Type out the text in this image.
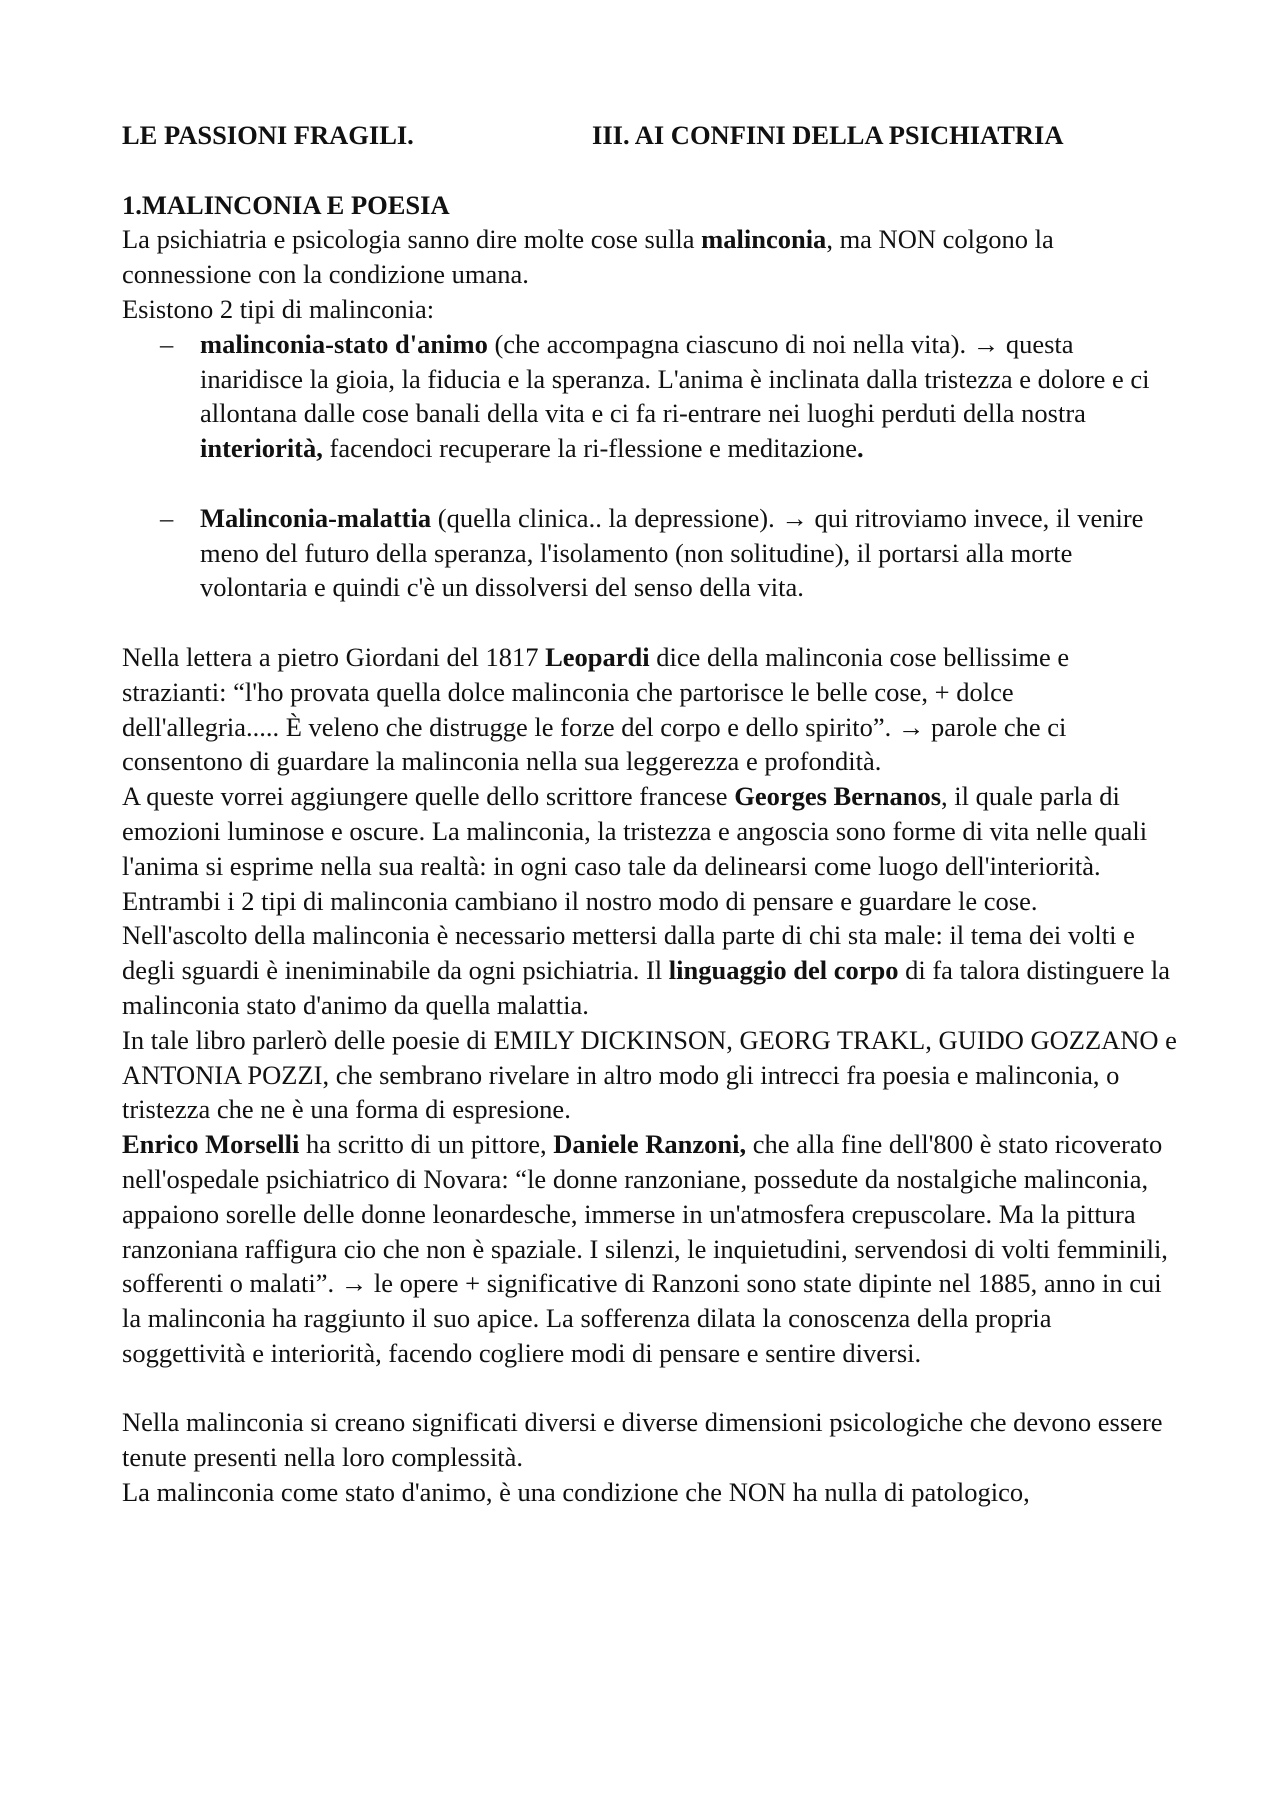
LE PASSIONI FRAGILI.	III. AI CONFINI DELLA PSICHIATRIA
1.MALINCONIA E POESIA

La psichiatria e psicologia sanno dire molte cose sulla malinconia, ma NON colgono la connessione con la condizione umana.

Esistono 2 tipi di malinconia:

– malinconia-stato d'animo (che accompagna ciascuno di noi nella vita). → questa inaridisce la gioia, la fiducia e la speranza. L'anima è inclinata dalla tristezza e dolore e ci allontana dalle cose banali della vita e ci fa ri-entrare nei luoghi perduti della nostra interiorità, facendoci recuperare la ri-flessione e meditazione.
– Malinconia-malattia (quella clinica.. la depressione). → qui ritroviamo invece, il venire meno del futuro della speranza, l'isolamento (non solitudine), il portarsi alla morte volontaria e quindi c'è un dissolversi del senso della vita.

Nella lettera a pietro Giordani del 1817 Leopardi dice della malinconia cose bellissime e strazianti: “l'ho provata quella dolce malinconia che partorisce le belle cose, + dolce dell'allegria..... È veleno che distrugge le forze del corpo e dello spirito”. → parole che ci consentono di guardare la malinconia nella sua leggerezza e profondità.

A queste vorrei aggiungere quelle dello scrittore francese Georges Bernanos, il quale parla di emozioni luminose e oscure. La malinconia, la tristezza e angoscia sono forme di vita nelle quali l'anima si esprime nella sua realtà: in ogni caso tale da delinearsi come luogo dell'interiorità.

Entrambi i 2 tipi di malinconia cambiano il nostro modo di pensare e guardare le cose.

Nell'ascolto della malinconia è necessario mettersi dalla parte di chi sta male: il tema dei volti e degli sguardi è ineniminabile da ogni psichiatria. Il linguaggio del corpo di fa talora distinguere la malinconia stato d'animo da quella malattia.

In tale libro parlerò delle poesie di EMILY DICKINSON, GEORG TRAKL, GUIDO GOZZANO e ANTONIA POZZI, che sembrano rivelare in altro modo gli intrecci fra poesia e malinconia, o tristezza che ne è una forma di espresione.

Enrico Morselli ha scritto di un pittore, Daniele Ranzoni, che alla fine dell'800 è stato ricoverato nell'ospedale psichiatrico di Novara: “le donne ranzoniane, possedute da nostalgiche malinconia, appaiono sorelle delle donne leonardesche, immerse in un'atmosfera crepuscolare. Ma la pittura ranzoniana raffigura cio che non è spaziale. I silenzi, le inquietudini, servendosi di volti femminili, sofferenti o malati”. → le opere + significative di Ranzoni sono state dipinte nel 1885, anno in cui la malinconia ha raggiunto il suo apice. La sofferenza dilata la conoscenza della propria soggettività e interiorità, facendo cogliere modi di pensare e sentire diversi.

Nella malinconia si creano significati diversi e diverse dimensioni psicologiche che devono essere tenute presenti nella loro complessità.

La malinconia come stato d'animo, è una condizione che NON ha nulla di patologico,
